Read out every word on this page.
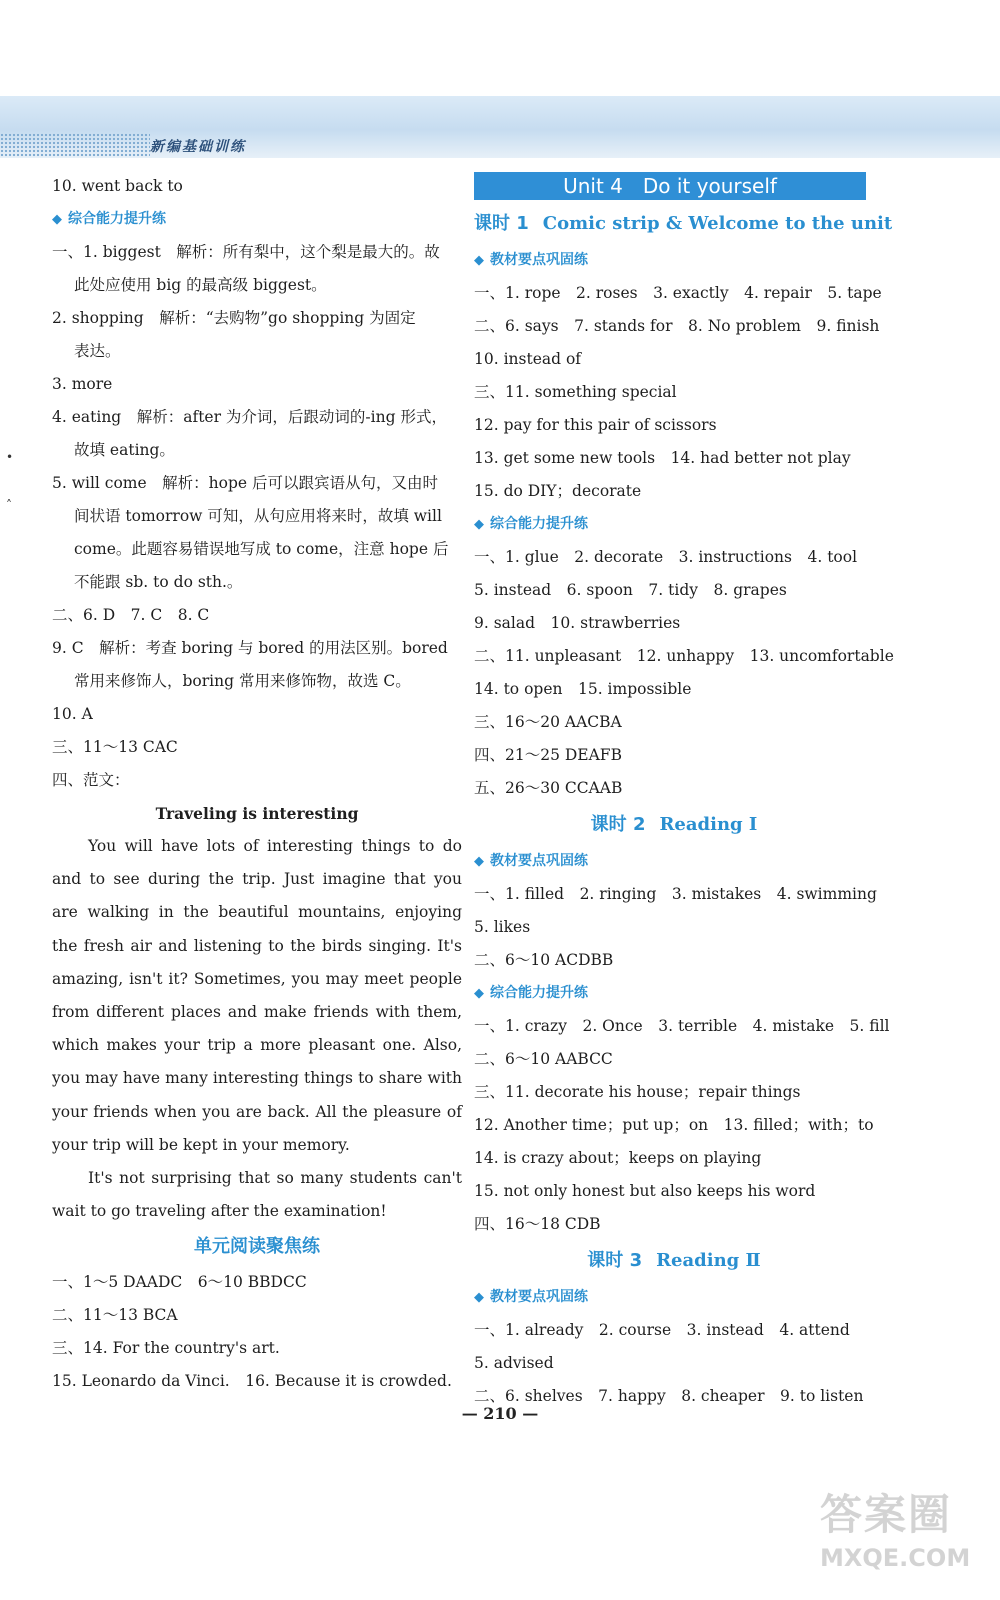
新编基础训练
•
˄
10. went back to
◆ 综合能力提升练
一、1. biggest　解析：所有梨中，这个梨是最大的。故
此处应使用 big 的最高级 biggest。
2. shopping　解析：“去购物”go shopping 为固定
表达。
3. more
4. eating　解析：after 为介词，后跟动词的-ing 形式，
故填 eating。
5. will come　解析：hope 后可以跟宾语从句，又由时
间状语 tomorrow 可知，从句应用将来时，故填 will
come。此题容易错误地写成 to come，注意 hope 后
不能跟 sb. to do sth.。
二、6. D　7. C　8. C
9. C　解析：考查 boring 与 bored 的用法区别。bored
常用来修饰人，boring 常用来修饰物，故选 C。
10. A
三、11～13 CAC
四、范文：
Traveling is interesting

You will have lots of interesting things to do and to see during the trip. Just imagine that you are walking in the beautiful mountains, enjoying the fresh air and listening to the birds singing. It's amazing, isn't it? Sometimes, you may meet people from different places and make friends with them, which makes your trip a more pleasant one. Also, you may have many interesting things to share with your friends when you are back. All the pleasure of your trip will be kept in your memory.

It's not surprising that so many students can't wait to go traveling after the examination!

单元阅读聚焦练
一、1～5 DAADC　6～10 BBDCC
二、11～13 BCA
三、14. For the country's art.
15. Leonardo da Vinci.　16. Because it is crowded.
Unit 4　Do it yourself
课时 1 Comic strip & Welcome to the unit
◆ 教材要点巩固练
一、1. rope　2. roses　3. exactly　4. repair　5. tape
二、6. says　7. stands for　8. No problem　9. finish
10. instead of
三、11. something special
12. pay for this pair of scissors
13. get some new tools　14. had better not play
15. do DIY；decorate
◆ 综合能力提升练
一、1. glue　2. decorate　3. instructions　4. tool
5. instead　6. spoon　7. tidy　8. grapes
9. salad　10. strawberries
二、11. unpleasant　12. unhappy　13. uncomfortable
14. to open　15. impossible
三、16～20 AACBA
四、21～25 DEAFB
五、26～30 CCAAB
课时 2 Reading Ⅰ
◆ 教材要点巩固练
一、1. filled　2. ringing　3. mistakes　4. swimming
5. likes
二、6～10 ACDBB
◆ 综合能力提升练
一、1. crazy　2. Once　3. terrible　4. mistake　5. fill
二、6～10 AABCC
三、11. decorate his house；repair things
12. Another time；put up；on　13. filled；with；to
14. is crazy about；keeps on playing
15. not only honest but also keeps his word
四、16～18 CDB
课时 3 Reading Ⅱ
◆ 教材要点巩固练
一、1. already　2. course　3. instead　4. attend
5. advised
二、6. shelves　7. happy　8. cheaper　9. to listen
— 210 —
答案圈
MXQE.COM
